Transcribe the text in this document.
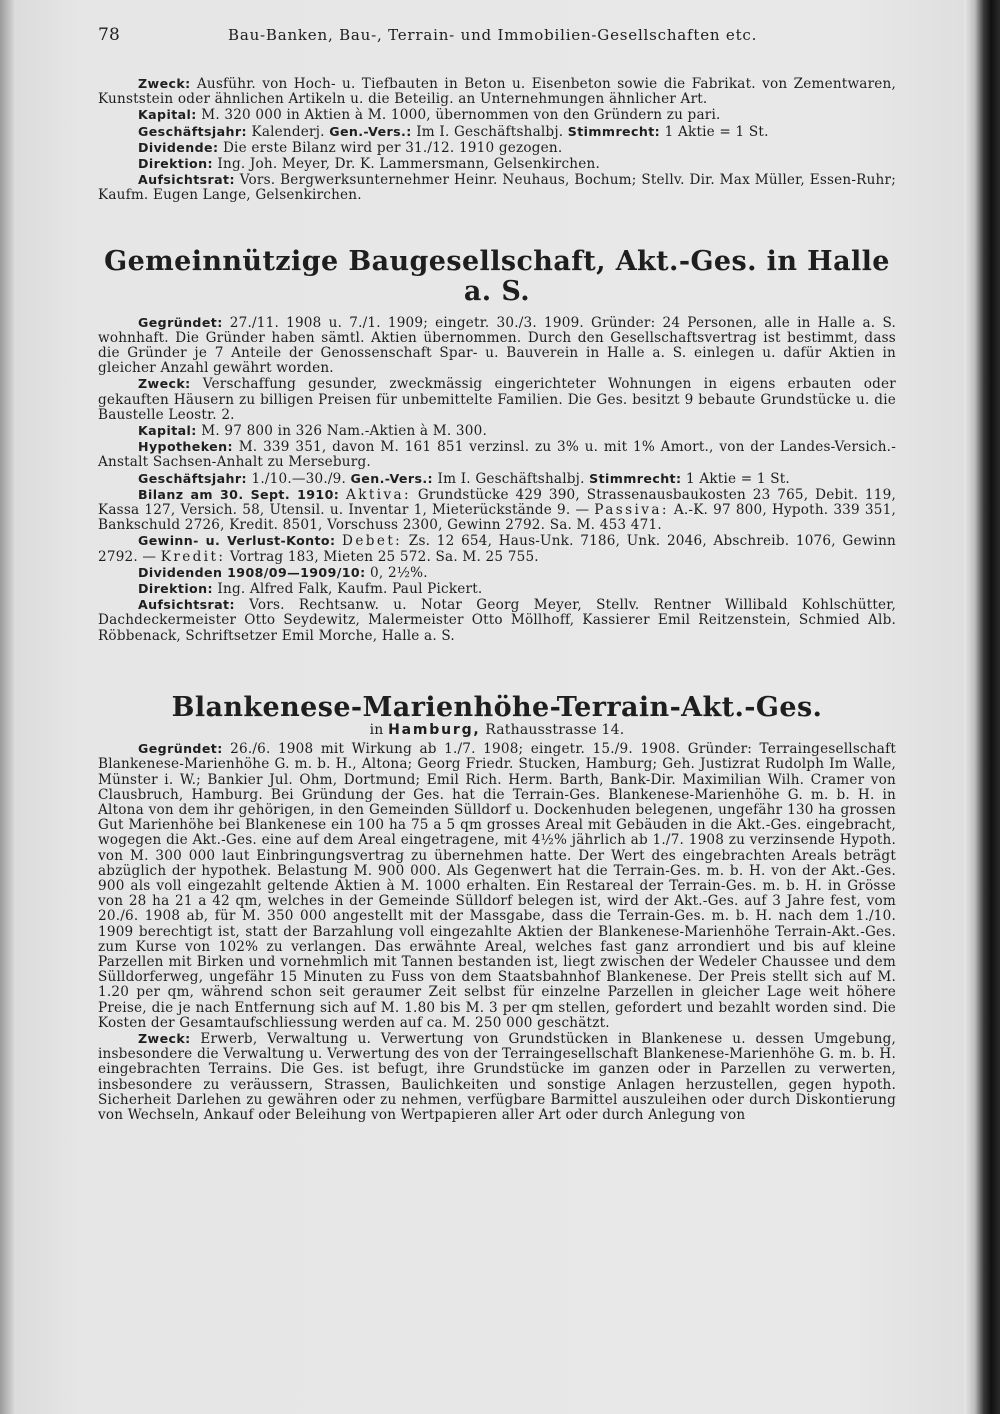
78	Bau-Banken, Bau-, Terrain- und Immobilien-Gesellschaften etc.

Zweck: Ausführ. von Hoch- u. Tiefbauten in Beton u. Eisenbeton sowie die Fabrikat. von Zementwaren, Kunststein oder ähnlichen Artikeln u. die Beteilig. an Unternehmungen ähnlicher Art.

Kapital: M. 320 000 in Aktien à M. 1000, übernommen von den Gründern zu pari.

Geschäftsjahr: Kalenderj. Gen.-Vers.: Im I. Geschäftshalbj. Stimmrecht: 1 Aktie = 1 St.

Dividende: Die erste Bilanz wird per 31./12. 1910 gezogen.

Direktion: Ing. Joh. Meyer, Dr. K. Lammersmann, Gelsenkirchen.

Aufsichtsrat: Vors. Bergwerksunternehmer Heinr. Neuhaus, Bochum; Stellv. Dir. Max Müller, Essen-Ruhr; Kaufm. Eugen Lange, Gelsenkirchen.

Gemeinnützige Baugesellschaft, Akt.-Ges. in Halle a. S.

Gegründet: 27./11. 1908 u. 7./1. 1909; eingetr. 30./3. 1909. Gründer: 24 Personen, alle in Halle a. S. wohnhaft. Die Gründer haben sämtl. Aktien übernommen. Durch den Gesellschaftsvertrag ist bestimmt, dass die Gründer je 7 Anteile der Genossenschaft Spar- u. Bauverein in Halle a. S. einlegen u. dafür Aktien in gleicher Anzahl gewährt worden.

Zweck: Verschaffung gesunder, zweckmässig eingerichteter Wohnungen in eigens erbauten oder gekauften Häusern zu billigen Preisen für unbemittelte Familien. Die Ges. besitzt 9 bebaute Grundstücke u. die Baustelle Leostr. 2.

Kapital: M. 97 800 in 326 Nam.-Aktien à M. 300.

Hypotheken: M. 339 351, davon M. 161 851 verzinsl. zu 3% u. mit 1% Amort., von der Landes-Versich.-Anstalt Sachsen-Anhalt zu Merseburg.

Geschäftsjahr: 1./10.—30./9. Gen.-Vers.: Im I. Geschäftshalbj. Stimmrecht: 1 Aktie = 1 St.

Bilanz am 30. Sept. 1910: Aktiva: Grundstücke 429 390, Strassenausbaukosten 23 765, Debit. 119, Kassa 127, Versich. 58, Utensil. u. Inventar 1, Mieterückstände 9. — Passiva: A.-K. 97 800, Hypoth. 339 351, Bankschuld 2726, Kredit. 8501, Vorschuss 2300, Gewinn 2792. Sa. M. 453 471.

Gewinn- u. Verlust-Konto: Debet: Zs. 12 654, Haus-Unk. 7186, Unk. 2046, Abschreib. 1076, Gewinn 2792. — Kredit: Vortrag 183, Mieten 25 572. Sa. M. 25 755.

Dividenden 1908/09—1909/10: 0, 2½%.

Direktion: Ing. Alfred Falk, Kaufm. Paul Pickert.

Aufsichtsrat: Vors. Rechtsanw. u. Notar Georg Meyer, Stellv. Rentner Willibald Kohlschütter, Dachdeckermeister Otto Seydewitz, Malermeister Otto Möllhoff, Kassierer Emil Reitzenstein, Schmied Alb. Röbbenack, Schriftsetzer Emil Morche, Halle a. S.

Blankenese-Marienhöhe-Terrain-Akt.-Ges.
in Hamburg, Rathausstrasse 14.

Gegründet: 26./6. 1908 mit Wirkung ab 1./7. 1908; eingetr. 15./9. 1908. Gründer: Terraingesellschaft Blankenese-Marienhöhe G. m. b. H., Altona; Georg Friedr. Stucken, Hamburg; Geh. Justizrat Rudolph Im Walle, Münster i. W.; Bankier Jul. Ohm, Dortmund; Emil Rich. Herm. Barth, Bank-Dir. Maximilian Wilh. Cramer von Clausbruch, Hamburg. Bei Gründung der Ges. hat die Terrain-Ges. Blankenese-Marienhöhe G. m. b. H. in Altona von dem ihr gehörigen, in den Gemeinden Sülldorf u. Dockenhuden belegenen, ungefähr 130 ha grossen Gut Marienhöhe bei Blankenese ein 100 ha 75 a 5 qm grosses Areal mit Gebäuden in die Akt.-Ges. eingebracht, wogegen die Akt.-Ges. eine auf dem Areal eingetragene, mit 4½% jährlich ab 1./7. 1908 zu verzinsende Hypoth. von M. 300 000 laut Einbringungsvertrag zu übernehmen hatte. Der Wert des eingebrachten Areals beträgt abzüglich der hypothek. Belastung M. 900 000. Als Gegenwert hat die Terrain-Ges. m. b. H. von der Akt.-Ges. 900 als voll eingezahlt geltende Aktien à M. 1000 erhalten. Ein Restareal der Terrain-Ges. m. b. H. in Grösse von 28 ha 21 a 42 qm, welches in der Gemeinde Sülldorf belegen ist, wird der Akt.-Ges. auf 3 Jahre fest, vom 20./6. 1908 ab, für M. 350 000 angestellt mit der Massgabe, dass die Terrain-Ges. m. b. H. nach dem 1./10. 1909 berechtigt ist, statt der Barzahlung voll eingezahlte Aktien der Blankenese-Marienhöhe Terrain-Akt.-Ges. zum Kurse von 102% zu verlangen. Das erwähnte Areal, welches fast ganz arrondiert und bis auf kleine Parzellen mit Birken und vornehmlich mit Tannen bestanden ist, liegt zwischen der Wedeler Chaussee und dem Sülldorferweg, ungefähr 15 Minuten zu Fuss von dem Staatsbahnhof Blankenese. Der Preis stellt sich auf M. 1.20 per qm, während schon seit geraumer Zeit selbst für einzelne Parzellen in gleicher Lage weit höhere Preise, die je nach Entfernung sich auf M. 1.80 bis M. 3 per qm stellen, gefordert und bezahlt worden sind. Die Kosten der Gesamtaufschliessung werden auf ca. M. 250 000 geschätzt.

Zweck: Erwerb, Verwaltung u. Verwertung von Grundstücken in Blankenese u. dessen Umgebung, insbesondere die Verwaltung u. Verwertung des von der Terraingesellschaft Blankenese-Marienhöhe G. m. b. H. eingebrachten Terrains. Die Ges. ist befugt, ihre Grundstücke im ganzen oder in Parzellen zu verwerten, insbesondere zu veräussern, Strassen, Baulichkeiten und sonstige Anlagen herzustellen, gegen hypoth. Sicherheit Darlehen zu gewähren oder zu nehmen, verfügbare Barmittel auszuleihen oder durch Diskontierung von Wechseln, Ankauf oder Beleihung von Wertpapieren aller Art oder durch Anlegung von
